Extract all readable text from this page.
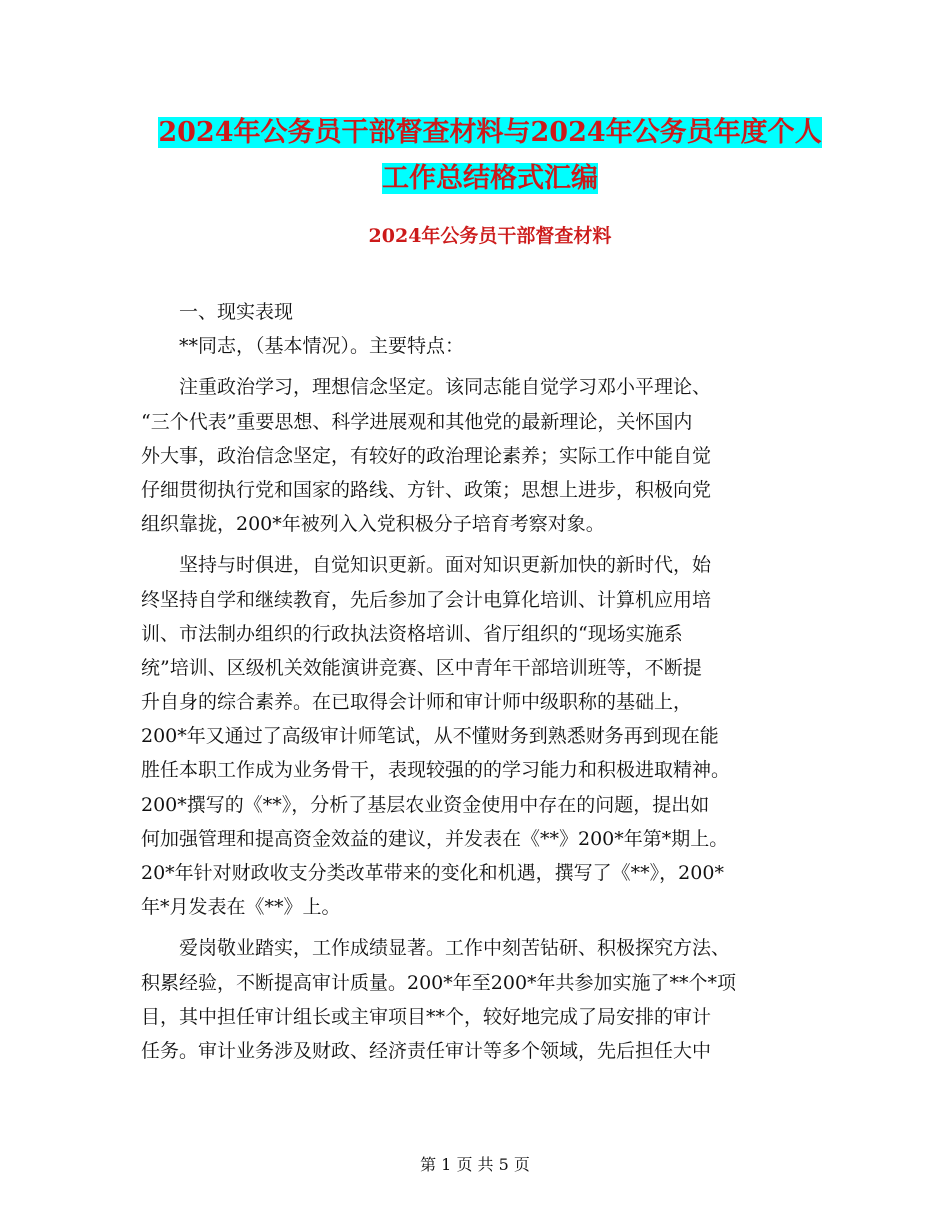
2024年公务员干部督查材料与2024年公务员年度个人
工作总结格式汇编
2024年公务员干部督查材料
　　一、现实表现
　　**同志，（基本情况）。主要特点：
　　注重政治学习，理想信念坚定。该同志能自觉学习邓小平理论、
“三个代表”重要思想、科学进展观和其他党的最新理论，关怀国内
外大事，政治信念坚定，有较好的政治理论素养；实际工作中能自觉
仔细贯彻执行党和国家的路线、方针、政策；思想上进步，积极向党
组织靠拢，200*年被列入入党积极分子培育考察对象。
　　坚持与时俱进，自觉知识更新。面对知识更新加快的新时代，始
终坚持自学和继续教育，先后参加了会计电算化培训、计算机应用培
训、市法制办组织的行政执法资格培训、省厅组织的“现场实施系
统”培训、区级机关效能演讲竞赛、区中青年干部培训班等，不断提
升自身的综合素养。在已取得会计师和审计师中级职称的基础上，
200*年又通过了高级审计师笔试，从不懂财务到熟悉财务再到现在能
胜任本职工作成为业务骨干，表现较强的的学习能力和积极进取精神。
200*撰写的《**》，分析了基层农业资金使用中存在的问题，提出如
何加强管理和提高资金效益的建议，并发表在《**》200*年第*期上。
20*年针对财政收支分类改革带来的变化和机遇，撰写了《**》，200*
年*月发表在《**》上。
　　爱岗敬业踏实，工作成绩显著。工作中刻苦钻研、积极探究方法、
积累经验，不断提高审计质量。200*年至200*年共参加实施了**个*项
目，其中担任审计组长或主审项目**个，较好地完成了局安排的审计
任务。审计业务涉及财政、经济责任审计等多个领域，先后担任大中
第 1 页 共 5 页
